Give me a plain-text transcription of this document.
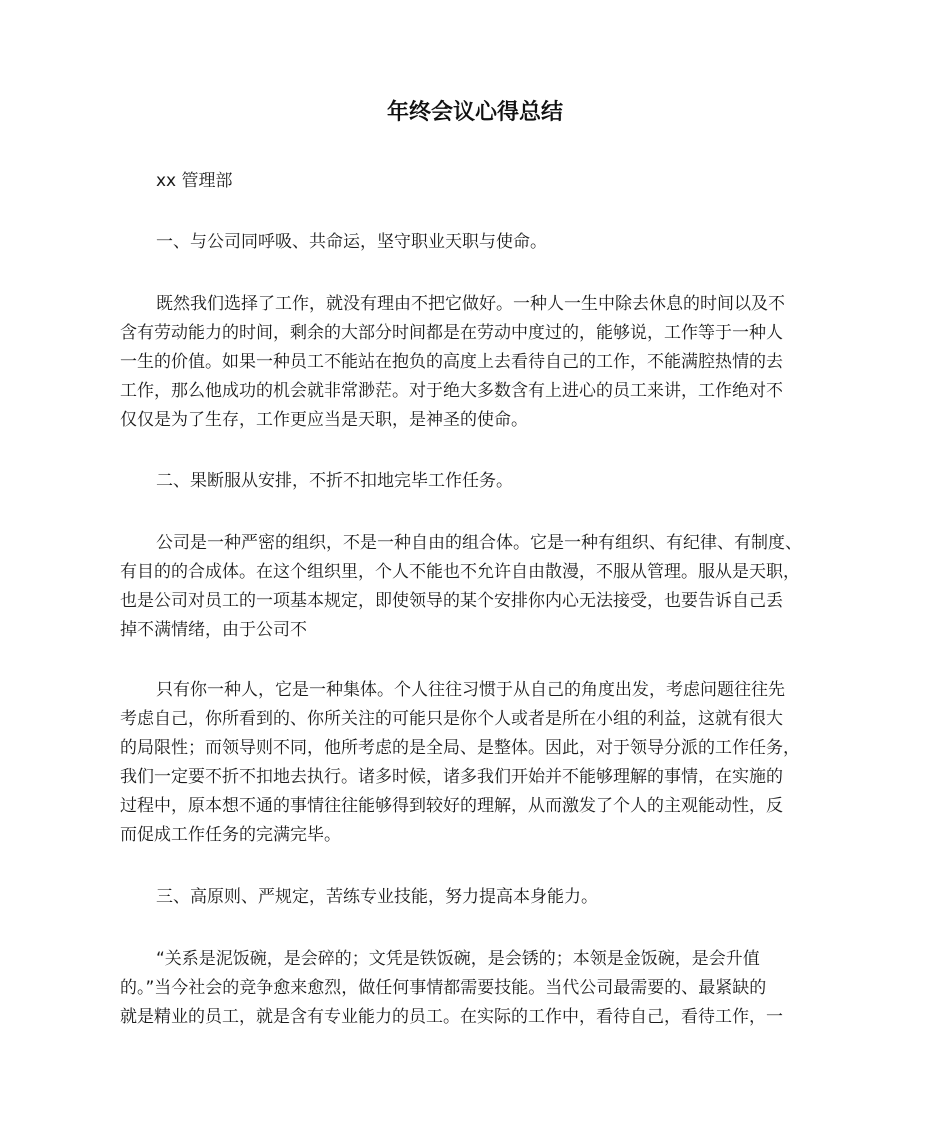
年终会议心得总结

xx 管理部

一、与公司同呼吸、共命运，坚守职业天职与使命。

既然我们选择了工作，就没有理由不把它做好。一种人一生中除去休息的时间以及不
含有劳动能力的时间，剩余的大部分时间都是在劳动中度过的，能够说，工作等于一种人
一生的价值。如果一种员工不能站在抱负的高度上去看待自己的工作，不能满腔热情的去
工作，那么他成功的机会就非常渺茫。对于绝大多数含有上进心的员工来讲，工作绝对不
仅仅是为了生存，工作更应当是天职，是神圣的使命。

二、果断服从安排，不折不扣地完毕工作任务。

公司是一种严密的组织，不是一种自由的组合体。它是一种有组织、有纪律、有制度、
有目的的合成体。在这个组织里，个人不能也不允许自由散漫，不服从管理。服从是天职，
也是公司对员工的一项基本规定，即使领导的某个安排你内心无法接受，也要告诉自己丢
掉不满情绪，由于公司不
只有你一种人，它是一种集体。个人往往习惯于从自己的角度出发，考虑问题往往先
考虑自己，你所看到的、你所关注的可能只是你个人或者是所在小组的利益，这就有很大
的局限性；而领导则不同，他所考虑的是全局、是整体。因此，对于领导分派的工作任务，
我们一定要不折不扣地去执行。诸多时候，诸多我们开始并不能够理解的事情，在实施的
过程中，原本想不通的事情往往能够得到较好的理解，从而激发了个人的主观能动性，反
而促成工作任务的完满完毕。

三、高原则、严规定，苦练专业技能，努力提高本身能力。

“关系是泥饭碗，是会碎的；文凭是铁饭碗，是会锈的；本领是金饭碗，是会升值
的。”当今社会的竞争愈来愈烈，做任何事情都需要技能。当代公司最需要的、最紧缺的
就是精业的员工，就是含有专业能力的员工。在实际的工作中，看待自己，看待工作，一
